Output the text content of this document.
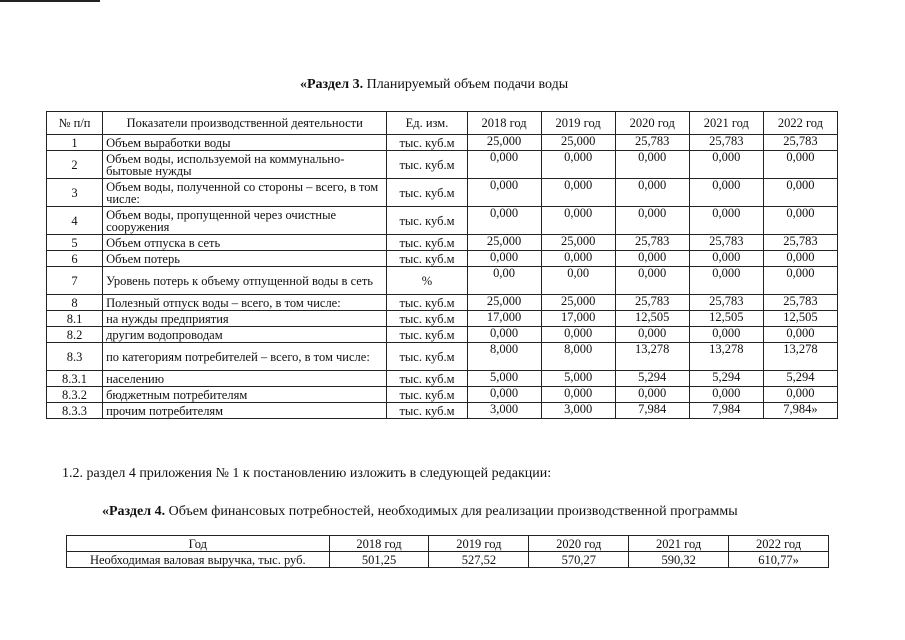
«Раздел 3. Планируемый объем подачи воды
№ п/п	Показатели производственной деятельности	Ед. изм.	2018 год	2019 год	2020 год	2021 год	2022 год
1	Объем выработки воды	тыс. куб.м	25,000	25,000	25,783	25,783	25,783
2	Объем воды, используемой на коммунально-бытовые нужды	тыс. куб.м	0,000	0,000	0,000	0,000	0,000
3	Объем воды, полученной со стороны – всего, в том числе:	тыс. куб.м	0,000	0,000	0,000	0,000	0,000
4	Объем воды, пропущенной через очистные сооружения	тыс. куб.м	0,000	0,000	0,000	0,000	0,000
5	Объем отпуска в сеть	тыс. куб.м	25,000	25,000	25,783	25,783	25,783
6	Объем потерь	тыс. куб.м	0,000	0,000	0,000	0,000	0,000
7	Уровень потерь к объему отпущенной воды в сеть	%	0,00	0,00	0,000	0,000	0,000
8	Полезный отпуск воды – всего, в том числе:	тыс. куб.м	25,000	25,000	25,783	25,783	25,783
8.1	на нужды предприятия	тыс. куб.м	17,000	17,000	12,505	12,505	12,505
8.2	другим водопроводам	тыс. куб.м	0,000	0,000	0,000	0,000	0,000
8.3	по категориям потребителей – всего, в том числе:	тыс. куб.м	8,000	8,000	13,278	13,278	13,278
8.3.1	населению	тыс. куб.м	5,000	5,000	5,294	5,294	5,294
8.3.2	бюджетным потребителям	тыс. куб.м	0,000	0,000	0,000	0,000	0,000
8.3.3	прочим потребителям	тыс. куб.м	3,000	3,000	7,984	7,984	7,984»
1.2. раздел 4 приложения № 1 к постановлению изложить в следующей редакции:
«Раздел 4. Объем финансовых потребностей, необходимых для реализации производственной программы
Год	2018 год	2019 год	2020 год	2021 год	2022 год
Необходимая валовая выручка, тыс. руб.	501,25	527,52	570,27	590,32	610,77»
